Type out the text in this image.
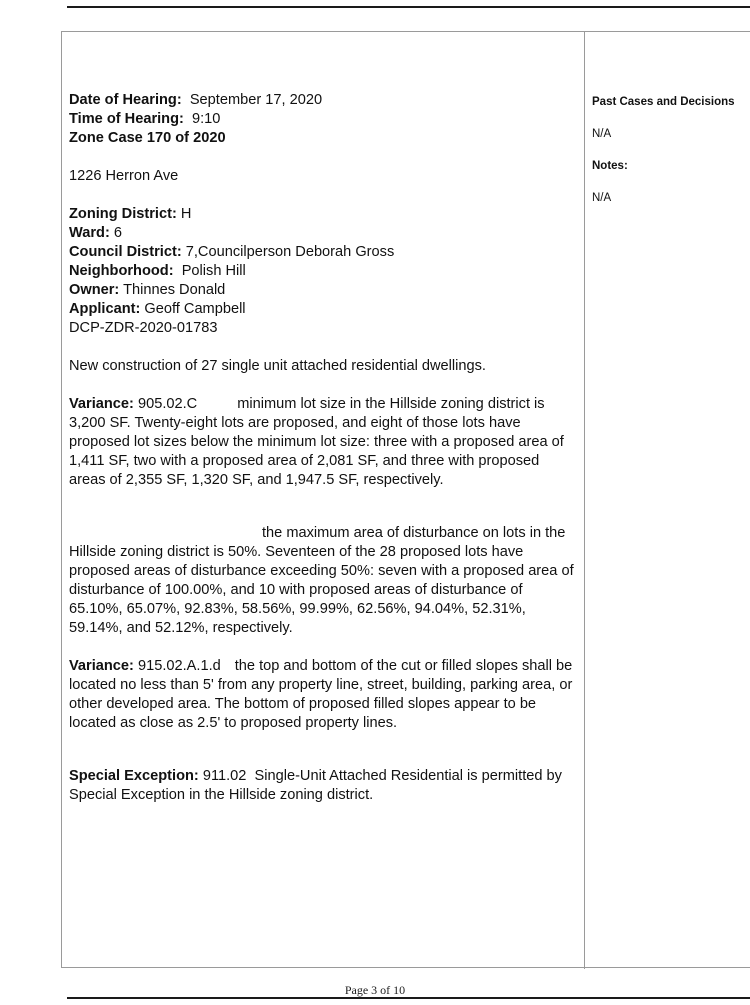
Date of Hearing: September 17, 2020
Time of Hearing: 9:10
Zone Case 170 of 2020
1226 Herron Ave
Zoning District: H
Ward: 6
Council District: 7,Councilperson Deborah Gross
Neighborhood: Polish Hill
Owner: Thinnes Donald
Applicant: Geoff Campbell
DCP-ZDR-2020-01783
New construction of 27 single unit attached residential dwellings.
Variance: 905.02.C	minimum lot size in the Hillside zoning district is 3,200 SF. Twenty-eight lots are proposed, and eight of those lots have proposed lot sizes below the minimum lot size: three with a proposed area of 1,411 SF, two with a proposed area of 2,081 SF, and three with proposed areas of 2,355 SF, 1,320 SF, and 1,947.5 SF, respectively.
the maximum area of disturbance on lots in the Hillside zoning district is 50%. Seventeen of the 28 proposed lots have proposed areas of disturbance exceeding 50%: seven with a proposed area of disturbance of 100.00%, and 10 with proposed areas of disturbance of 65.10%, 65.07%, 92.83%, 58.56%, 99.99%, 62.56%, 94.04%, 52.31%, 59.14%, and 52.12%, respectively.
Variance: 915.02.A.1.d the top and bottom of the cut or filled slopes shall be located no less than 5' from any property line, street, building, parking area, or other developed area. The bottom of proposed filled slopes appear to be located as close as 2.5' to proposed property lines.
Special Exception: 911.02 Single-Unit Attached Residential is permitted by Special Exception in the Hillside zoning district.
Past Cases and Decisions
N/A
Notes:
N/A
Page 3 of 10
